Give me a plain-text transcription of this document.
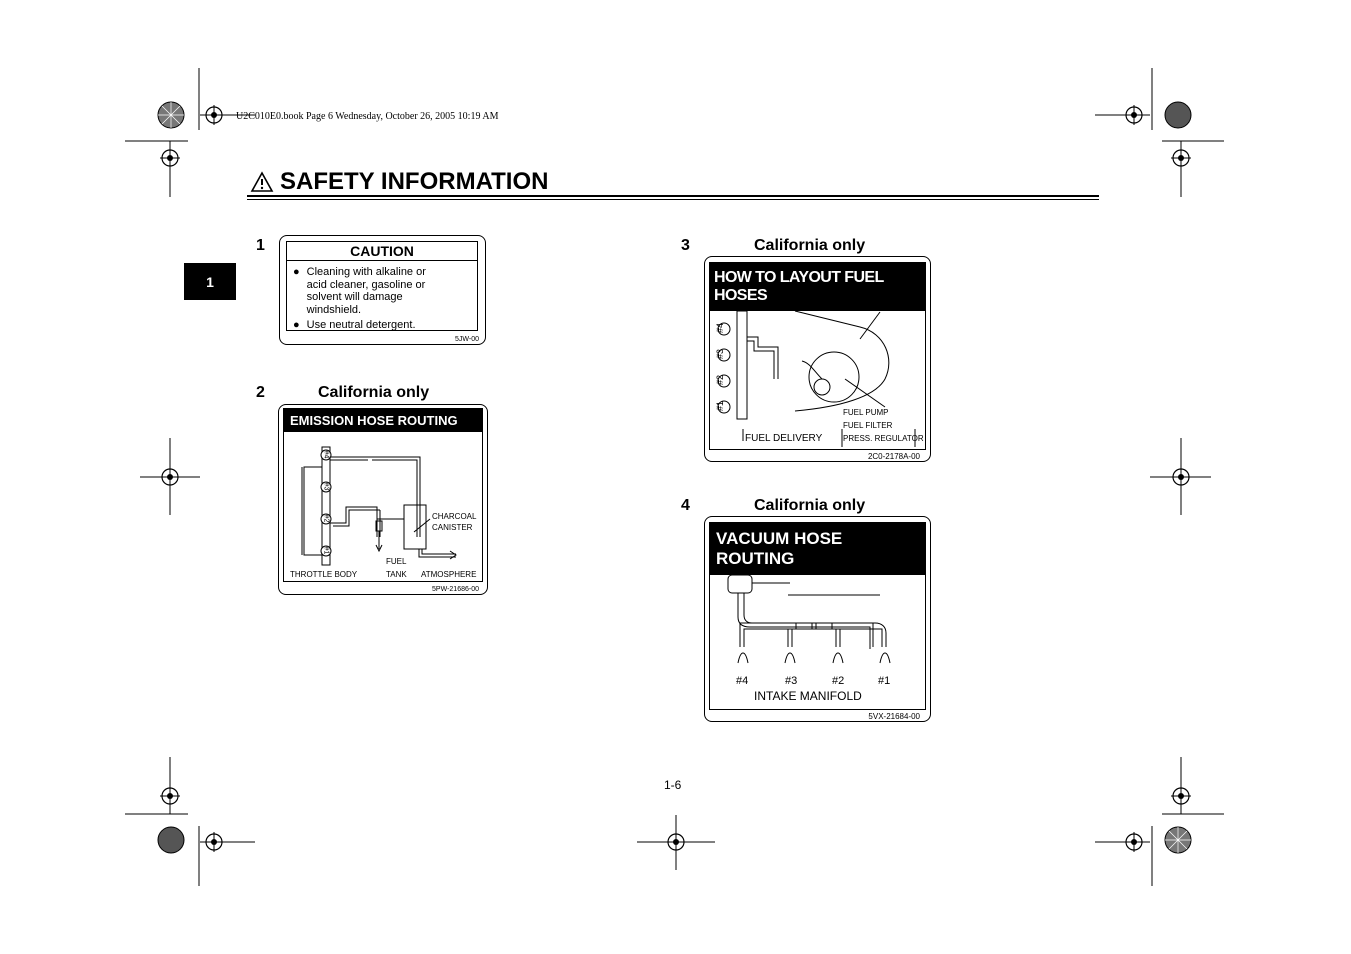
U2C010E0.book Page 6 Wednesday, October 26, 2005 10:19 AM
SAFETY INFORMATION
1
1	CAUTION
● Cleaning with alkaline or
acid cleaner, gasoline or
solvent will damage
windshield.
● Use neutral detergent.
5JW-00
2	California only
EMISSION HOSE ROUTING
#4
#3
#2
#1
CHARCOAL
CANISTER
FUEL
TANK
THROTTLE BODY	ATMOSPHERE
5PW-21686-00
3	California only
HOW TO LAYOUT FUEL HOSES
#4
#3
#2
#1
FUEL TANK
FUEL PUMP
FUEL FILTER
PRESS. REGULATOR
FUEL DELIVERY
2C0-2178A-00
4	California only
VACUUM HOSE ROUTING
PRESS. SENSOR
#4	#3	#2	#1
INTAKE MANIFOLD
5VX-21684-00
1-6
